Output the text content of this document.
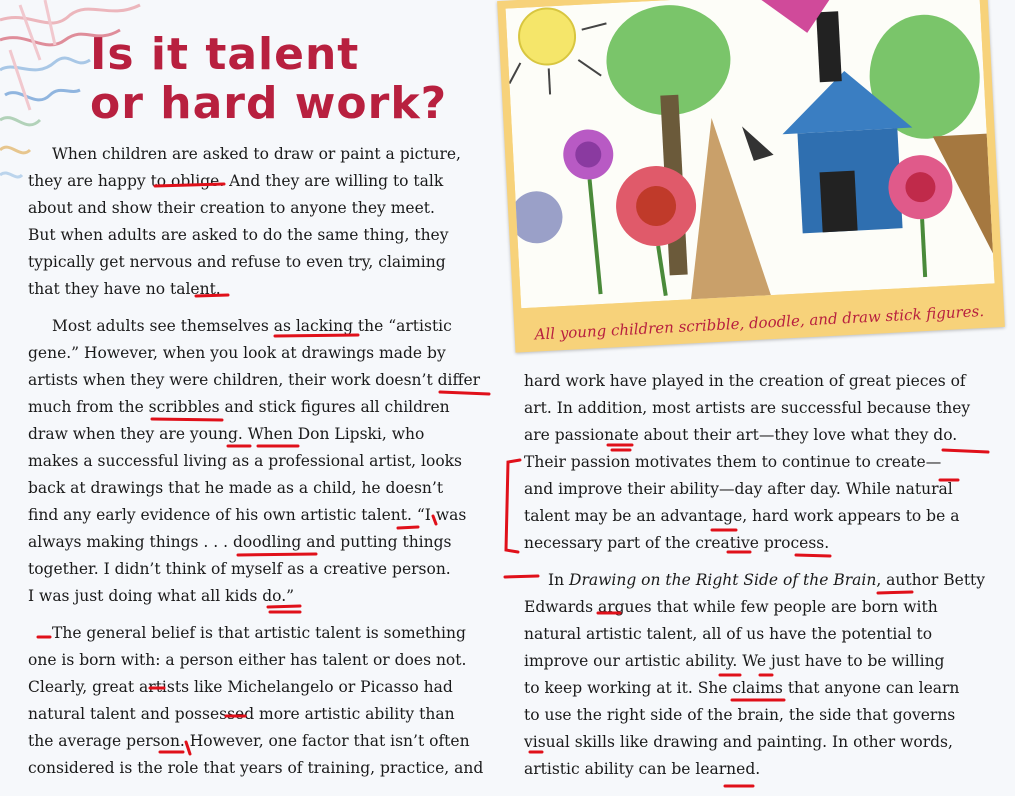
Is it talent
or hard work?
All young children scribble, doodle, and draw stick figures.

When children are asked to draw or paint a picture,
they are happy to oblige. And they are willing to talk
about and show their creation to anyone they meet.
But when adults are asked to do the same thing, they
typically get nervous and refuse to even try, claiming
that they have no talent.

Most adults see themselves as lacking the “artistic
gene.” However, when you look at drawings made by
artists when they were children, their work doesn’t differ
much from the scribbles and stick figures all children
draw when they are young. When Don Lipski, who
makes a successful living as a professional artist, looks
back at drawings that he made as a child, he doesn’t
find any early evidence of his own artistic talent. “I was
always making things . . . doodling and putting things
together. I didn’t think of myself as a creative person.
I was just doing what all kids do.”

The general belief is that artistic talent is something
one is born with: a person either has talent or does not.
Clearly, great artists like Michelangelo or Picasso had
natural talent and possessed more artistic ability than
the average person. However, one factor that isn’t often
considered is the role that years of training, practice, and

hard work have played in the creation of great pieces of
art. In addition, most artists are successful because they
are passionate about their art—they love what they do.
Their passion motivates them to continue to create—
and improve their ability—day after day. While natural
talent may be an advantage, hard work appears to be a
necessary part of the creative process.

In Drawing on the Right Side of the Brain, author Betty
Edwards argues that while few people are born with
natural artistic talent, all of us have the potential to
improve our artistic ability. We just have to be willing
to keep working at it. She claims that anyone can learn
to use the right side of the brain, the side that governs
visual skills like drawing and painting. In other words,
artistic ability can be learned.
